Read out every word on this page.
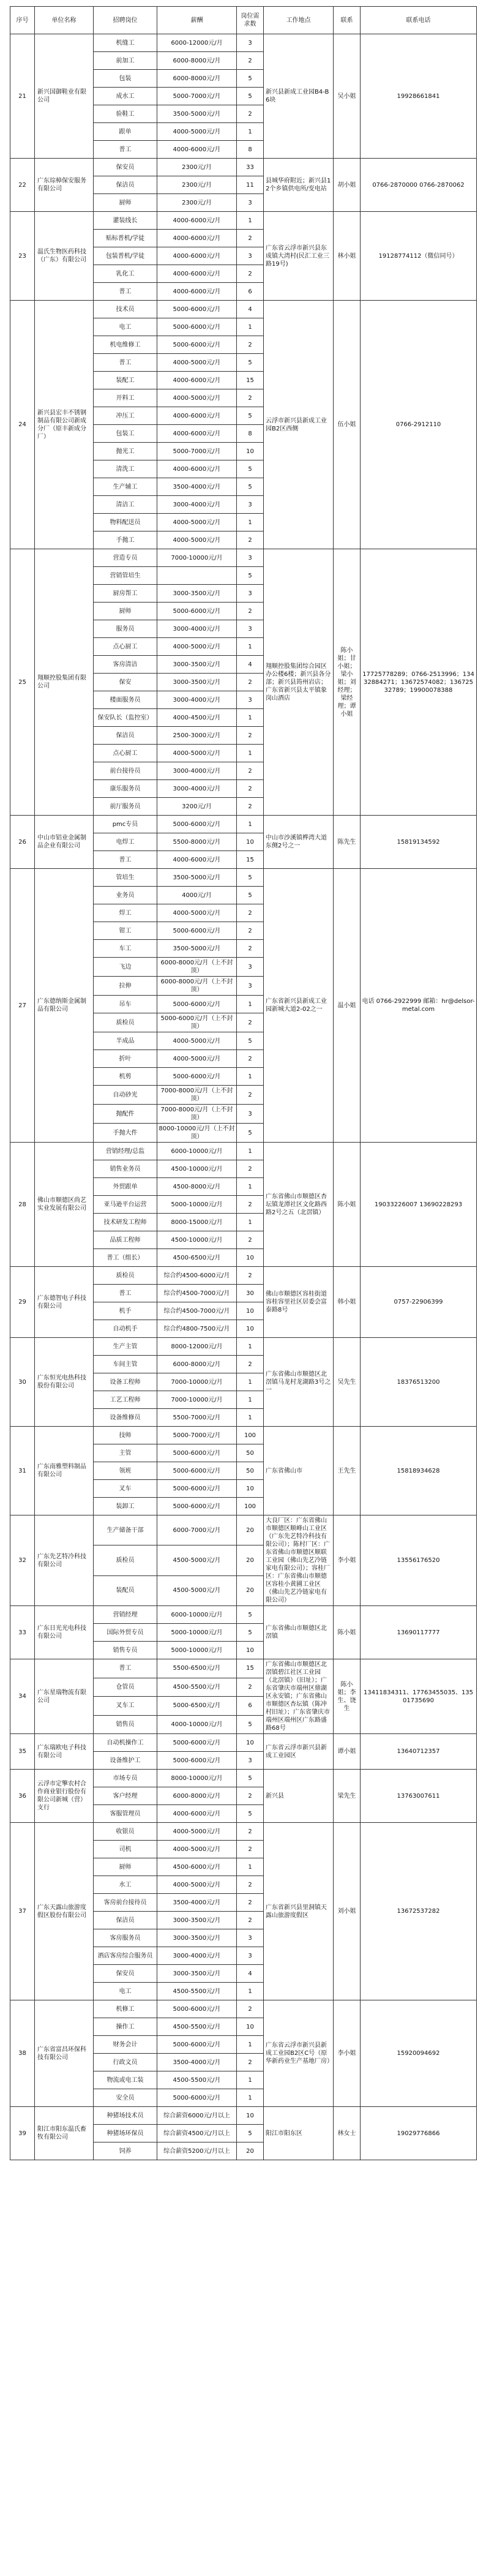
序号	单位名称	招聘岗位	薪酬	岗位需求数	工作地点	联系	联系电话
21	新兴国御鞋业有限公司	机缝工	6000-12000元/月	3	新兴县新成工业园B4-B6块	吴小姐	19928661841
		前加工	6000-8000元/月	2			
		包装	6000-8000元/月	5			
		成水工	5000-7000元/月	5			
		验鞋工	3500-5000元/月	2			
		跟单	4000-5000元/月	1			
		普工	4000-6000元/月	8			
22	广东琮樟保安服务有限公司	保安员	2300元/月	33	县城华府附近；新兴县12个乡镇供电所/变电站	胡小姐	0766-2870000 0766-2870062
		保洁员	2300元/月	11			
		厨师	2300元/月	3			
23	温氏生物医药科技（广东）有限公司	灌装线长	4000-6000元/月	1	广东省云浮市新兴县东成镇大湾村(民汇工业三路19号)	林小姐	19128774112（微信同号）
		贴标普机/学徒	4000-6000元/月	2			
		包装普机/学徒	4000-6000元/月	3			
		乳化工	4000-6000元/月	2			
		普工	4000-6000元/月	6			
24	新兴县宏丰不锈钢制品有限公司新成分厂（原丰新成分厂）	技术员	5000-6000元/月	4	云浮市新兴县新成工业园B2区西侧	伍小姐	0766-2912110
		电工	5000-6000元/月	1			
		机电维修工	5000-6000元/月	2			
		普工	4000-5000元/月	5			
		装配工	4000-6000元/月	15			
		开料工	4000-5000元/月	2			
		冲压工	4000-6000元/月	5			
		包装工	4000-6000元/月	8			
		抛光工	5000-7000元/月	10			
		清洗工	4000-6000元/月	5			
		生产辅工	3500-4000元/月	5			
		清洁工	3000-4000元/月	3			
		物料配送员	4000-5000元/月	1			
		手拋工	4000-5000元/月	2			
25	翔顺控股集团有限公司	营造专员	7000-10000元/月	3	翔顺控股集团综合园区办公楼6楼；新兴县各分部；新兴县筠州岩店；广东省新兴县太平镇象岗山酒店	陈小姐；甘小姐；梁小姐；刘经理；梁经理；谭小姐	17725778289；0766-2513996；13432884271；13672574082；13672532789；19900078388
		营销管培生		5			
		厨房帮工	3000-3500元/月	3			
		厨师	5000-6000元/月	2			
		服务员	3000-4000元/月	3			
		点心厨工	4000-5000元/月	1			
		客房清洁	3000-3500元/月	4			
		保安	3000-3500元/月	2			
		楼面服务员	3000-4000元/月	3			
		保安队长（监控室）	4000-4500元/月	1			
		保洁员	2500-3000元/月	2			
		点心厨工	4000-5000元/月	1			
		前台接待员	3000-4000元/月	2			
		康乐服务员	3000-4000元/月	2			
		前厅服务员	3200元/月	2			
26	中山市铝业金属制品企业有限公司	pmc专员	5000-6000元/月	1	中山市沙溪镇桦湾大道东侧2号之一	陈先生	15819134592
		电焊工	5500-8000元/月	10			
		普工	4000-6000元/月	15			
27	广东德纳斯金属制品有限公司	管培生	3500-5000元/月	5	广东省新兴县新成工业园新城大道2-02之一	温小姐	电话 0766-2922999 邮箱：hr@delsor-metal.com
		业务员	4000元/月	5			
		焊工	4000-5000元/月	2			
		钳工	5000-6000元/月	2			
		车工	3500-5000元/月	2			
		飞边	6000-8000元/月（上不封顶）	3			
		拉伸	6000-8000元/月（上不封顶）	3			
		吊车	5000-6000元/月	1			
		质检员	5000-6000元/月（上不封顶）	2			
		半成品	4000-5000元/月	5			
		折叶	4000-5000元/月	2			
		机剪	5000-6000元/月	1			
		自动砂光	7000-8000元/月（上不封顶）	2			
		抛配件	7000-8000元/月（上不封顶）	3			
		手抛大件	8000-10000元/月（上不封顶）	5			
28	佛山市顺德区尚艺实业发展有限公司	营销经理/总监	6000-10000元/月	1	广东省佛山市顺德区杏坛镇龙潭社区文化路西路2号之五（北滘镇）	陈小姐	19033226007 13690228293
		销售业务员	4500-10000元/月	2			
		外贸跟单	4500-8000元/月	1			
		亚马逊平台运营	5000-10000元/月	2			
		技术研发工程师	8000-15000元/月	1			
		品质工程师	4500-10000元/月	2			
		普工（组长）	4500-6500元/月	10			
29	广东德智电子科技有限公司	质检员	综合约4500-6000元/月	2	佛山市顺德区容桂街道容桂容里社区居委会富泰路8号	韩小姐	0757-22906399
		普工	综合约4500-7000元/月	30			
		机手	综合约4500-7000元/月	10			
		自动机手	综合约4800-7500元/月	10			
30	广东恒光电热科技股份有限公司	生产主管	8000-12000元/月	1	广东省佛山市顺德区北滘镇马龙村龙湖路3号之一	吴先生	18376513200
		车间主管	6000-8000元/月	2			
		设备工程师	7000-10000元/月	1			
		工艺工程师	7000-10000元/月	1			
		设备维修员	5500-7000元/月	1			
31	广东南雅塑料制品有限公司	技师	5000-7000元/月	100	广东省佛山市	王先生	15818934628
		主管	5000-6000元/月	50			
		领班	5000-6000元/月	50			
		叉车	5000-6000元/月	10			
		装卸工	5000-6000元/月	100			
32	广东先艺特冷科技有限公司	生产储备干部	6000-7000元/月	20	大良厂区：广东省佛山市顺德区顺峰山工业区（广东先艺特冷科技有限公司）；陈村厂区：广东省佛山市顺德区顺联工业园（佛山先艺冷链家电有限公司）；容桂厂区：广东省佛山市顺德区容桂小黄圃工业区（佛山先艺冷链家电有限公司）	李小姐	13556176520
		质检员	4500-5000元/月	20			
		装配员	4500-5000元/月	20			
33	广东日光光电科技有限公司	营销经理	6000-10000元/月	5	广东省佛山市顺德区北滘镇	陈小姐	13690117777
		国际外贸专员	5000-10000元/月	5			
		销售专员	5000-10000元/月	10			
34	广东星瑞物流有限公司	普工	5500-6500元/月	15	广东省佛山市顺德区北滘镇碧江社区工业园（北滘镇）（旧址）；广东省肇庆市端州区鼎湖区永安镇；广东省佛山市顺德区杏坛镇（陈冲村旧址）；广东省肇庆市端州区端州区广东路盛路68号	陈小姐；李生、饶生	13411834311、17763455035、13501735690
		仓管员	4500-5500元/月	2			
		叉车工	5000-6500元/月	6			
		销售员	4000-10000元/月	5			
35	广东瑞欧电子科技有限公司	自动机操作工	5000-6000元/月	10	广东省云浮市新兴县新成工业园区	谭小姐	13640712357
		设备维护工	5000-6000元/月	3			
36	云浮市定擎农村合作商业银行股份有限公司新城（营）支行	市场专员	8000-10000元/月	5	新兴县	梁先生	13763007611
		客户经理	6000-8000元/月	2			
		客服管理员	4000-6000元/月	5			
37	广东天露山旅游度假区股份有限公司	收银员	4000-5000元/月	2	广东省新兴县里洞镇天露山旅游度假区	刘小姐	13672537282
		司机	4000-5000元/月	2			
		厨师	4500-6000元/月	1			
		水工	4000-5000元/月	2			
		客房前台接待员	3500-4000元/月	2			
		保洁员	3000-3500元/月	2			
		客房服务员	3000-3500元/月	3			
		酒店客房综合服务员	3000-4000元/月	3			
		保安员	3000-3500元/月	4			
		电工	4500-5500元/月	1			
38	广东省富昌环保科技有限公司	机修工	5000-6000元/月	2	广东省云浮市新兴县新成工业园B2区C号（原华新药业生产基地厂房）	李小姐	15920094692
		操作工	4500-5500元/月	10			
		财务会计	5000-6000元/月	1			
		行政文员	3500-4000元/月	2			
		物流或电工装	4500-5500元/月	1			
		安全员	5000-6000元/月	1			
39	阳江市阳东温氏畜牧有限公司	种猪场技术员	综合薪资6000元/月以上	10	阳江市阳东区	林女士	19029776866
		种猪场环保员	综合薪资4500元/月以上	5			
		饲养	综合薪资5200元/月以上	20			
